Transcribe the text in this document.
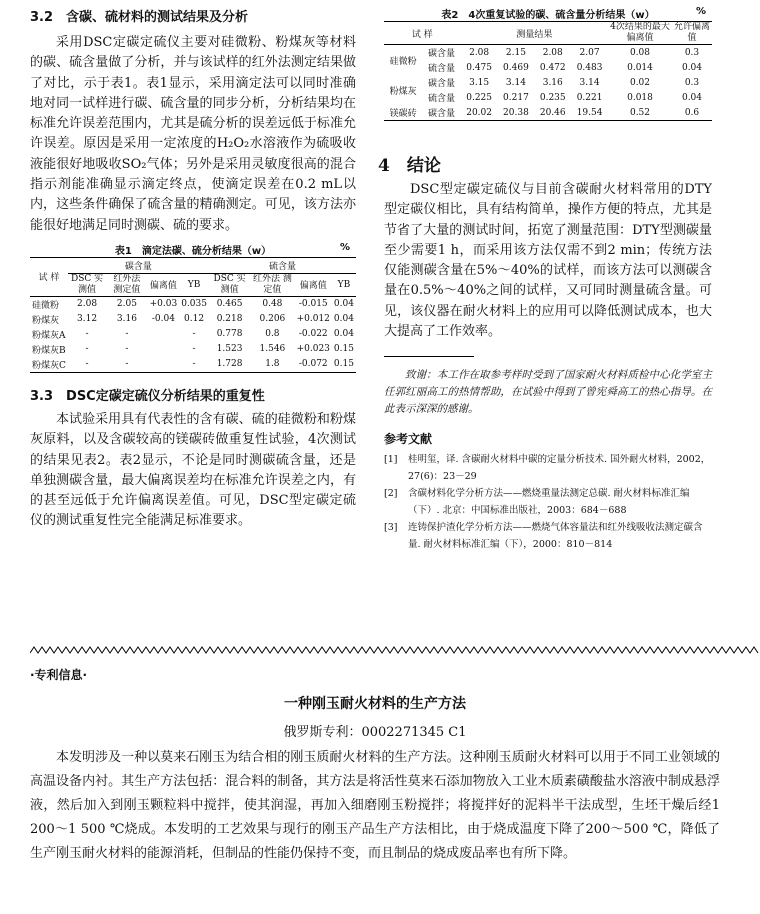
3.2　含碳、硫材料的测试结果及分析

采用DSC定碳定硫仪主要对硅微粉、粉煤灰等材料的碳、硫含量做了分析，并与该试样的红外法测定结果做了对比，示于表1。表1显示，采用滴定法可以同时准确地对同一试样进行碳、硫含量的同步分析，分析结果均在标准允许误差范围内，尤其是硫分析的误差远低于标准允许误差。原因是采用一定浓度的H₂O₂水溶液作为硫吸收液能很好地吸收SO₂气体；另外是采用灵敏度很高的混合指示剂能准确显示滴定终点，使滴定误差在0.2 mL以内，这些条件确保了硫含量的精确测定。可见，该方法亦能很好地满足同时测碳、硫的要求。

表1　滴定法碳、硫分析结果（w）	%
试 样	碳含量				硫含量			
	DSC 实测值	红外法 测定值	偏离值	YB	DSC 实测值	红外法 测定值	偏离值	YB
硅微粉	2.08	2.05	+0.03	0.035	0.465	0.48	-0.015	0.04
粉煤灰	3.12	3.16	-0.04	0.12	0.218	0.206	+0.012	0.04
粉煤灰A	-	-		-	0.778	0.8	-0.022	0.04
粉煤灰B	-	-		-	1.523	1.546	+0.023	0.15
粉煤灰C	-	-		-	1.728	1.8	-0.072	0.15

3.3　DSC定碳定硫仪分析结果的重复性

本试验采用具有代表性的含有碳、硫的硅微粉和粉煤灰原料，以及含碳较高的镁碳砖做重复性试验，4次测试的结果见表2。表2显示，不论是同时测碳硫含量，还是单独测碳含量，最大偏离误差均在标准允许误差之内，有的甚至远低于允许偏离误差值。可见，DSC型定碳定硫仪的测试重复性完全能满足标准要求。

表2　4次重复试验的碳、硫含量分析结果（w）	%
试 样		测量结果				4次结果的最大偏离值	允许偏离值
硅微粉	碳含量	2.08	2.15	2.08	2.07	0.08	0.3
	硫含量	0.475	0.469	0.472	0.483	0.014	0.04
粉煤灰	碳含量	3.15	3.14	3.16	3.14	0.02	0.3
	硫含量	0.225	0.217	0.235	0.221	0.018	0.04
镁碳砖	碳含量	20.02	20.38	20.46	19.54	0.52	0.6

4　结论

DSC型定碳定硫仪与目前含碳耐火材料常用的DTY型定碳仪相比，具有结构简单，操作方便的特点，尤其是节省了大量的测试时间，拓宽了测量范围：DTY型测碳量至少需要1 h，而采用该方法仅需不到2 min；传统方法仅能测碳含量在5%～40%的试样，而该方法可以测碳含量在0.5%～40%之间的试样，又可同时测量硫含量。可见，该仪器在耐火材料上的应用可以降低测试成本，也大大提高了工作效率。

致谢：本工作在取参考样时受到了国家耐火材料质检中心化学室主任郭红丽高工的热情帮助，在试验中得到了曾宪舜高工的热心指导。在此表示深深的感谢。

参考文献

[1]	桂明玺，译. 含碳耐火材料中碳的定量分析技术. 国外耐火材料，2002，27(6)：23－29
[2]	含碳材料化学分析方法——燃烧重量法测定总碳. 耐火材料标准汇编（下）. 北京：中国标准出版社，2003：684－688
[3]	连铸保护渣化学分析方法——燃烧气体容量法和红外线吸收法测定碳含量. 耐火材料标准汇编（下），2000：810－814

·专利信息·

一种刚玉耐火材料的生产方法

俄罗斯专利：0002271345 C1

本发明涉及一种以莫来石刚玉为结合相的刚玉质耐火材料的生产方法。这种刚玉质耐火材料可以用于不同工业领域的高温设备内衬。其生产方法包括：混合料的制备，其方法是将活性莫来石添加物放入工业木质素磺酸盐水溶液中制成悬浮液，然后加入到刚玉颗粒料中搅拌，使其润湿，再加入细磨刚玉粉搅拌；将搅拌好的泥料半干法成型，生坯干燥后经1 200～1 500 ℃烧成。本发明的工艺效果与现行的刚玉产品生产方法相比，由于烧成温度下降了200～500 ℃，降低了生产刚玉耐火材料的能源消耗，但制品的性能仍保持不变，而且制品的烧成废品率也有所下降。
